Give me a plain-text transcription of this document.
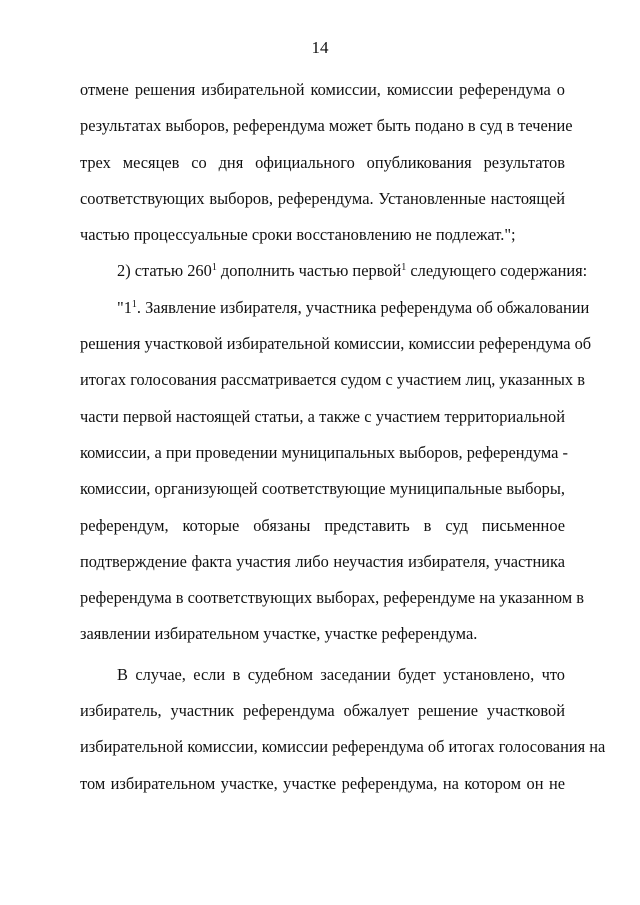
14
отмене решения избирательной комиссии, комиссии референдума о
результатах выборов, референдума может быть подано в суд в течение
трех месяцев со дня официального опубликования результатов
соответствующих выборов, референдума. Установленные настоящей
частью процессуальные сроки восстановлению не подлежат.";
2) статью $260^1$ дополнить частью первой$^1$ следующего содержания:
"$1^1$. Заявление избирателя, участника референдума об обжаловании
решения участковой избирательной комиссии, комиссии референдума об
итогах голосования рассматривается судом с участием лиц, указанных в
части первой настоящей статьи, а также с участием территориальной
комиссии, а при проведении муниципальных выборов, референдума -
комиссии, организующей соответствующие муниципальные выборы,
референдум, которые обязаны представить в суд письменное
подтверждение факта участия либо неучастия избирателя, участника
референдума в соответствующих выборах, референдуме на указанном в
заявлении избирательном участке, участке референдума.
В случае, если в судебном заседании будет установлено, что
избиратель, участник референдума обжалует решение участковой
избирательной комиссии, комиссии референдума об итогах голосования на
том избирательном участке, участке референдума, на котором он не
